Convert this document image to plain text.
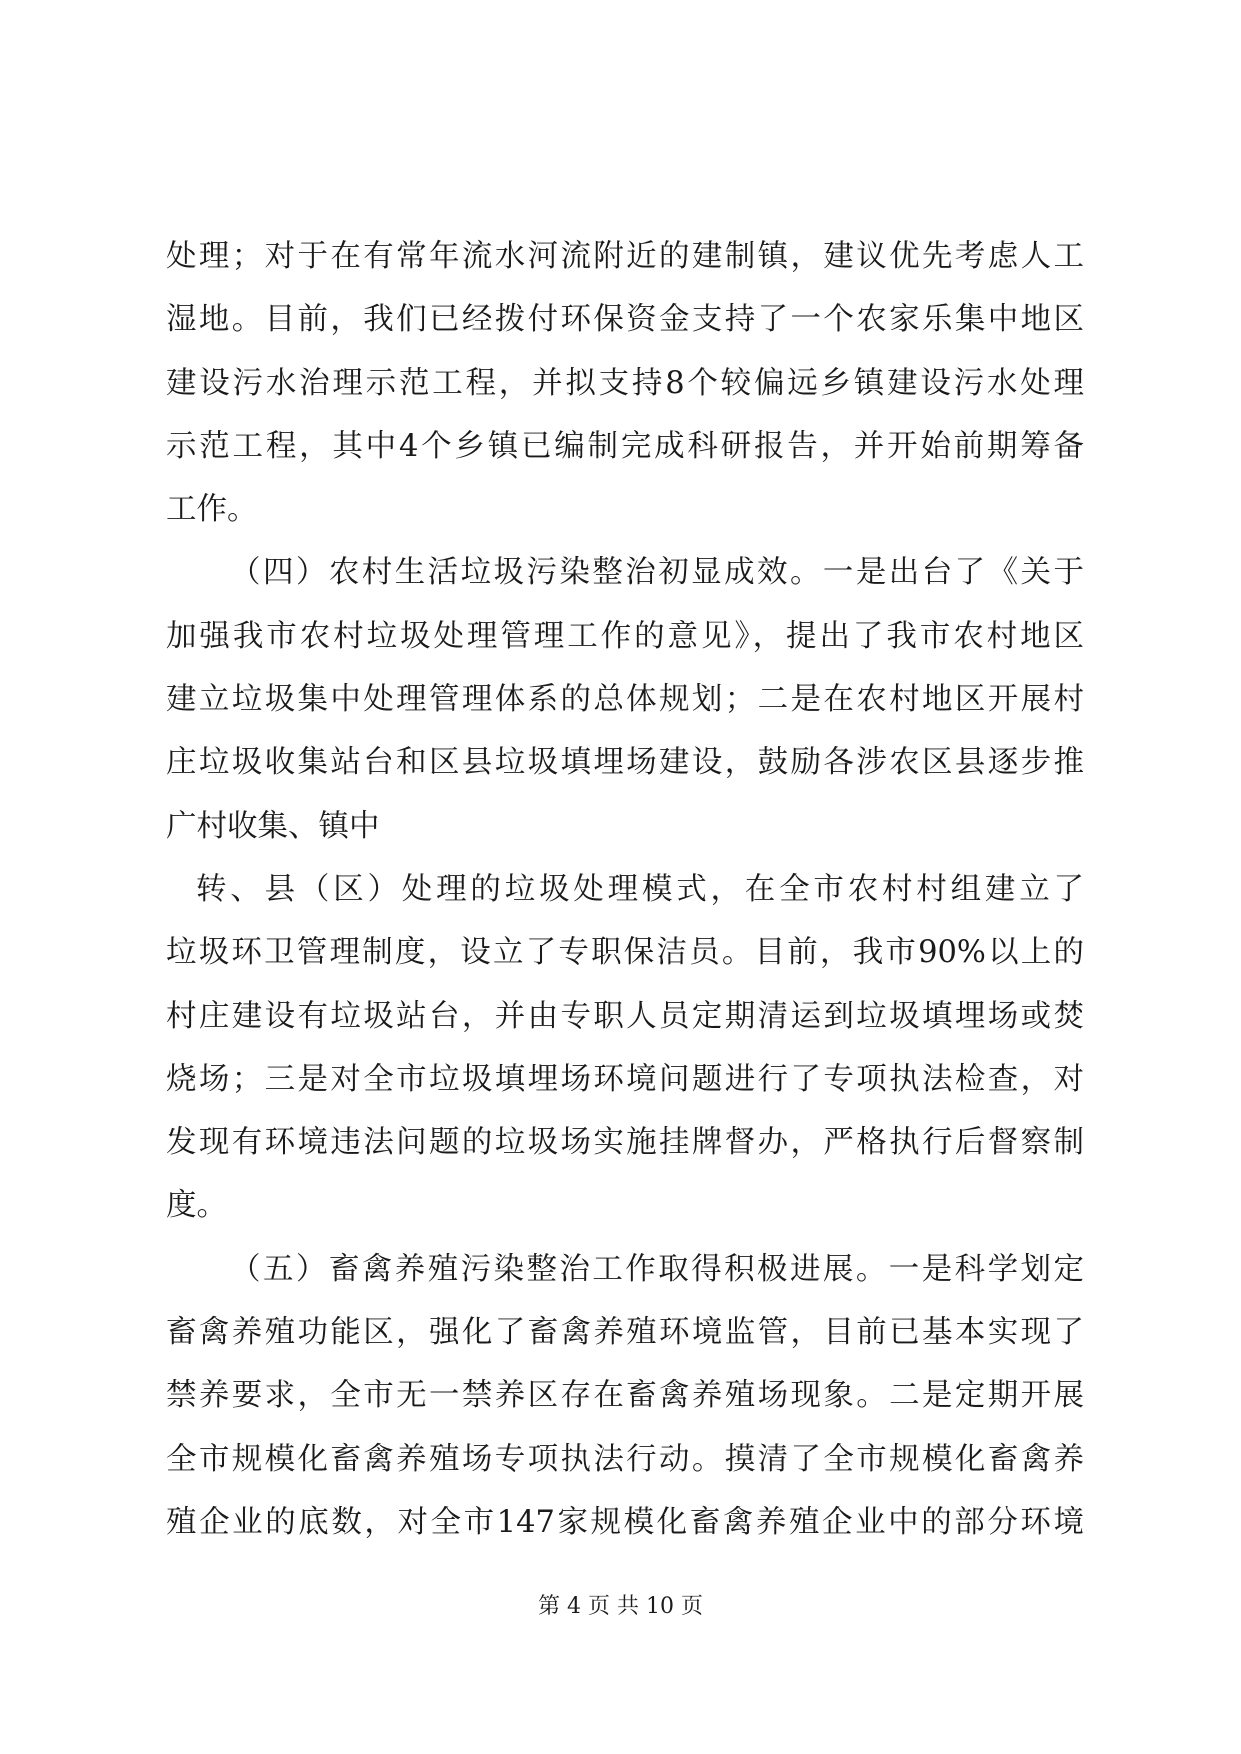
处理；对于在有常年流水河流附近的建制镇，建议优先考虑人工
湿地。目前，我们已经拨付环保资金支持了一个农家乐集中地区
建设污水治理示范工程，并拟支持8个较偏远乡镇建设污水处理
示范工程，其中4个乡镇已编制完成科研报告，并开始前期筹备
工作。
（四）农村生活垃圾污染整治初显成效。一是出台了《关于
加强我市农村垃圾处理管理工作的意见》，提出了我市农村地区
建立垃圾集中处理管理体系的总体规划；二是在农村地区开展村
庄垃圾收集站台和区县垃圾填埋场建设，鼓励各涉农区县逐步推
广村收集、镇中
转、县（区）处理的垃圾处理模式，在全市农村村组建立了
垃圾环卫管理制度，设立了专职保洁员。目前，我市90%以上的
村庄建设有垃圾站台，并由专职人员定期清运到垃圾填埋场或焚
烧场；三是对全市垃圾填埋场环境问题进行了专项执法检查，对
发现有环境违法问题的垃圾场实施挂牌督办，严格执行后督察制
度。
（五）畜禽养殖污染整治工作取得积极进展。一是科学划定
畜禽养殖功能区，强化了畜禽养殖环境监管，目前已基本实现了
禁养要求，全市无一禁养区存在畜禽养殖场现象。二是定期开展
全市规模化畜禽养殖场专项执法行动。摸清了全市规模化畜禽养
殖企业的底数，对全市147家规模化畜禽养殖企业中的部分环境
第 4 页 共 10 页
